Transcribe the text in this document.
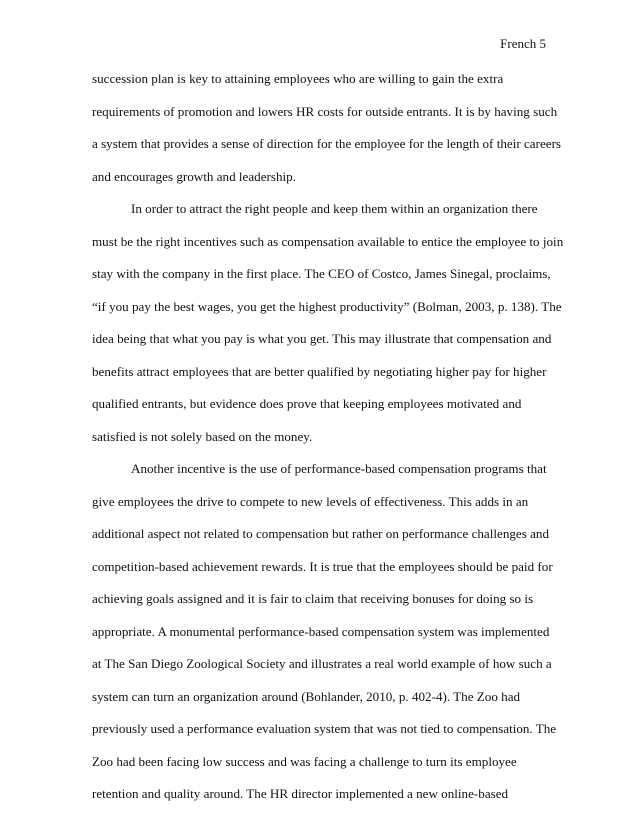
French 5
succession plan is key to attaining employees who are willing to gain the extra
requirements of promotion and lowers HR costs for outside entrants. It is by having such
a system that provides a sense of direction for the employee for the length of their careers
and encourages growth and leadership.
In order to attract the right people and keep them within an organization there
must be the right incentives such as compensation available to entice the employee to join
stay with the company in the first place. The CEO of Costco, James Sinegal, proclaims,
“if you pay the best wages, you get the highest productivity” (Bolman, 2003, p. 138). The
idea being that what you pay is what you get. This may illustrate that compensation and
benefits attract employees that are better qualified by negotiating higher pay for higher
qualified entrants, but evidence does prove that keeping employees motivated and
satisfied is not solely based on the money.
Another incentive is the use of performance-based compensation programs that
give employees the drive to compete to new levels of effectiveness. This adds in an
additional aspect not related to compensation but rather on performance challenges and
competition-based achievement rewards. It is true that the employees should be paid for
achieving goals assigned and it is fair to claim that receiving bonuses for doing so is
appropriate. A monumental performance-based compensation system was implemented
at The San Diego Zoological Society and illustrates a real world example of how such a
system can turn an organization around (Bohlander, 2010, p. 402-4). The Zoo had
previously used a performance evaluation system that was not tied to compensation. The
Zoo had been facing low success and was facing a challenge to turn its employee
retention and quality around. The HR director implemented a new online-based
